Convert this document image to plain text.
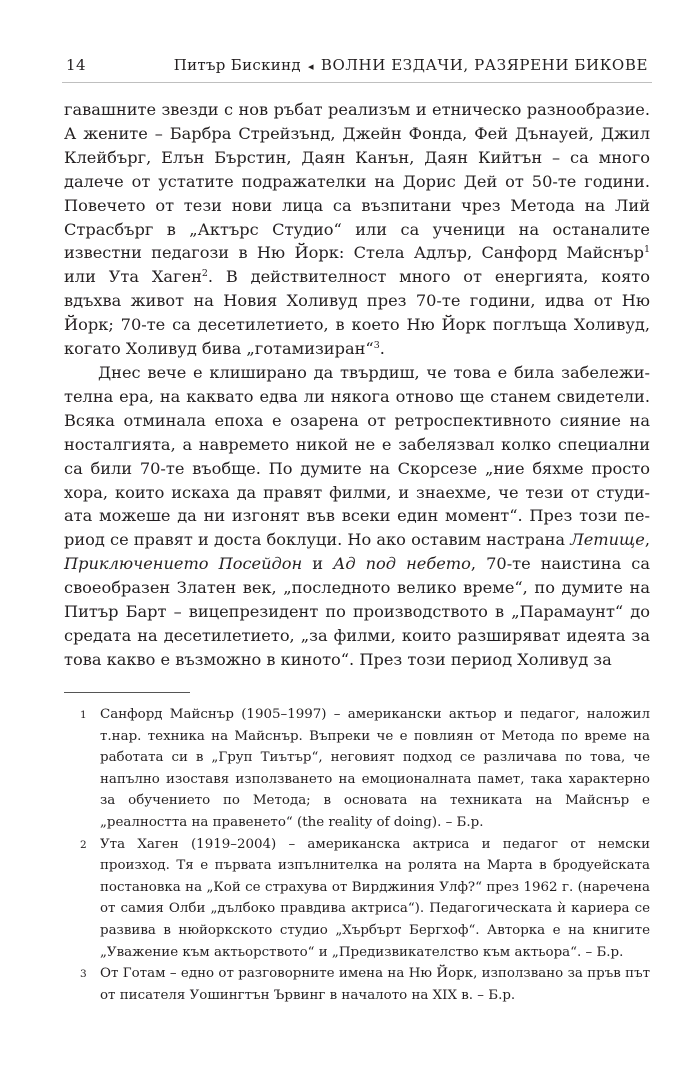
14	Питър Бискинд ◂ ВОЛНИ ЕЗДАЧИ, РАЗЯРЕНИ БИКОВЕ

гавашните звезди с нов ръбат реализъм и етническо разнообразие. А жените – Барбра Стрейзънд, Джейн Фонда, Фей Дънауей, Джил Клейбърг, Елън Бърстин, Даян Канън, Даян Кийтън – са много далече от устатите подражателки на Дорис Дей от 50-те години. Повечето от тези нови лица са възпитани чрез Метода на Лий Страсбърг в „Актърс Студио“ или са ученици на останалите известни педагози в Ню Йорк: Стела Адлър, Санфорд Майснър$^1$ или Ута Хаген$^2$. В действителност много от енергията, която вдъхва живот на Новия Холивуд през 70-те години, идва от Ню Йорк; 70-те са десетилетието, в което Ню Йорк поглъща Холивуд, когато Холивуд бива „готамизиран“$^3$.

Днес вече е клиширано да твърдиш, че това е била забележителна ера, на каквато едва ли някога отново ще станем свидетели. Всяка отминала епоха е озарена от ретроспективното сияние на носталгията, а навремето никой не е забелязвал колко специални са били 70-те въобще. По думите на Скорсезе „ние бяхме просто хора, които искаха да правят филми, и знаехме, че тези от студиата можеше да ни изгонят във всеки един момент“. През този период се правят и доста боклуци. Но ако оставим настрана Летище, Приключението Посейдон и Ад под небето, 70-те наистина са своеобразен Златен век, „последното велико време“, по думите на Питър Барт – вицепрезидент по производството в „Парамаунт“ до средата на десетилетието, „за филми, които разширяват идеята за това какво е възможно в киното“. През този период Холивуд за

1 Санфорд Майснър (1905–1997) – американски актьор и педагог, наложил т.нар. техника на Майснър. Въпреки че е повлиян от Метода по време на работата си в „Груп Тиътър“, неговият подход се различава по това, че напълно изоставя използването на емоционалната памет, така характерно за обучението по Метода; в основата на техниката на Майснър е „реалността на правенето“ (the reality of doing). – Б.р.

2 Ута Хаген (1919–2004) – американска актриса и педагог от немски произход. Тя е първата изпълнителка на ролята на Марта в бродуейската постановка на „Кой се страхува от Вирджиния Улф?“ през 1962 г. (наречена от самия Олби „дълбоко правдива актриса“). Педагогическата ѝ кариера се развива в нюйоркското студио „Хърбърт Бергхоф“. Авторка е на книгите „Уважение към актьорството“ и „Предизвикателство към актьора“. – Б.р.

3 От Готам – едно от разговорните имена на Ню Йорк, използвано за пръв път от писателя Уошингтън Ървинг в началото на XIX в. – Б.р.
